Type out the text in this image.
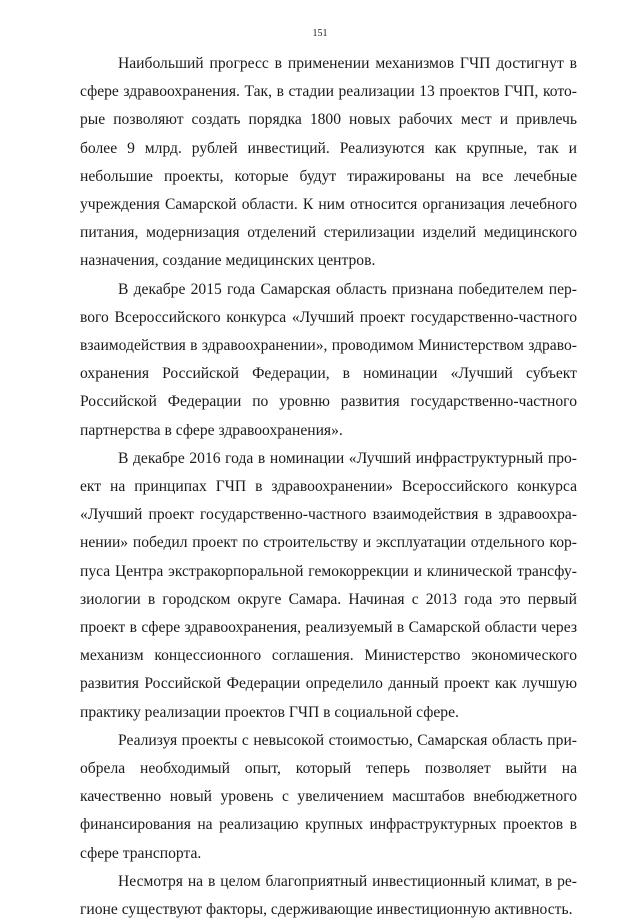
151

Наибольший прогресс в применении механизмов ГЧП достигнут в сфере здравоохранения. Так, в стадии реализации 13 проектов ГЧП, которые позволяют создать порядка 1800 новых рабочих мест и привлечь более 9 млрд. рублей инвестиций. Реализуются как крупные, так и небольшие проекты, которые будут тиражированы на все лечебные учреждения Самарской области. К ним относится организация лечебного питания, модернизация отделений стерилизации изделий медицинского назначения, создание медицинских центров.

В декабре 2015 года Самарская область признана победителем первого Всероссийского конкурса «Лучший проект государственно-частного взаимодействия в здравоохранении», проводимом Министерством здравоохранения Российской Федерации, в номинации «Лучший субъект Российской Федерации по уровню развития государственно-частного партнерства в сфере здравоохранения».

В декабре 2016 года в номинации «Лучший инфраструктурный проект на принципах ГЧП в здравоохранении» Всероссийского конкурса «Лучший проект государственно-частного взаимодействия в здравоохранении» победил проект по строительству и эксплуатации отдельного корпуса Центра экстракорпоральной гемокоррекции и клинической трансфузиологии в городском округе Самара. Начиная с 2013 года это первый проект в сфере здравоохранения, реализуемый в Самарской области через механизм концессионного соглашения. Министерство экономического развития Российской Федерации определило данный проект как лучшую практику реализации проектов ГЧП в социальной сфере.

Реализуя проекты с невысокой стоимостью, Самарская область приобрела необходимый опыт, который теперь позволяет выйти на качественно новый уровень с увеличением масштабов внебюджетного финансирования на реализацию крупных инфраструктурных проектов в сфере транспорта.

Несмотря на в целом благоприятный инвестиционный климат, в регионе существуют факторы, сдерживающие инвестиционную активность.
